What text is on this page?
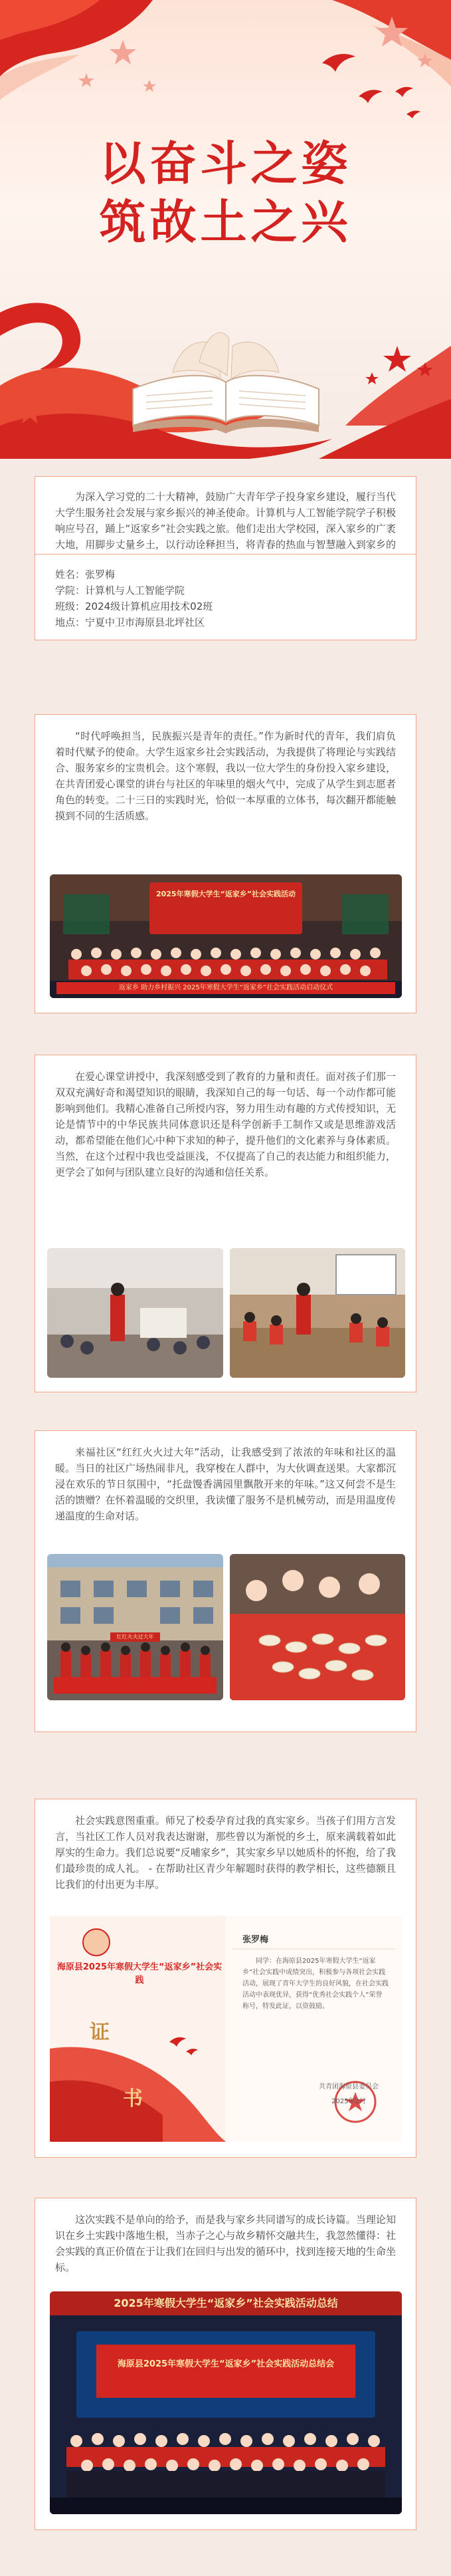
以奋斗之姿
筑故土之兴

为深入学习党的二十大精神，鼓励广大青年学子投身家乡建设，履行当代大学生服务社会发展与家乡振兴的神圣使命。计算机与人工智能学院学子积极响应号召，踊上“返家乡”社会实践之旅。他们走出大学校园，深入家乡的广袤大地，用脚步丈量乡土，以行动诠释担当，将青春的热血与智慧融入到家乡的

姓名：张罗梅

学院：计算机与人工智能学院

班级：2024级计算机应用技术02班

地点：宁夏中卫市海原县北坪社区

“时代呼唤担当，民族振兴是青年的责任。”作为新时代的青年，我们肩负着时代赋予的使命。大学生返家乡社会实践活动，为我提供了将理论与实践结合、服务家乡的宝贵机会。这个寒假，我以一位大学生的身份投入家乡建设，在共青团爱心课堂的讲台与社区的年味里的烟火气中，完成了从学生到志愿者角色的转变。二十三日的实践时光，恰似一本厚重的立体书，每次翻开都能触摸到不同的生活质感。

2025年寒假大学生“返家乡”社会实践活动
返家乡 助力乡村振兴 2025年寒假大学生“返家乡”社会实践活动启动仪式

在爱心课堂讲授中，我深刻感受到了教育的力量和责任。面对孩子们那一双双充满好奇和渴望知识的眼睛，我深知自己的每一句话、每一个动作都可能影响到他们。我精心准备自己所授内容，努力用生动有趣的方式传授知识，无论是情节中的中华民族共同体意识还是科学创新手工制作又或是思维游戏活动，都希望能在他们心中种下求知的种子，提升他们的文化素养与身体素质。当然，在这个过程中我也受益匪浅，不仅提高了自己的表达能力和组织能力，更学会了如何与团队建立良好的沟通和信任关系。

来福社区“红红火火过大年”活动，让我感受到了浓浓的年味和社区的温暖。当日的社区广场热闹非凡，我穿梭在人群中，为大伙调查送果。大家都沉浸在欢乐的节日氛围中，“托盘馒香满园里飘散开来的年味。”这又何尝不是生活的馈赠？在怀着温暖的交织里，我读懂了服务不是机械劳动，而是用温度传递温度的生命对话。

红红火火过大年

社会实践意图重重。师兄了校委孕育过我的真实家乡。当孩子们用方言发言，当社区工作人员对我表达谢谢，那些曾以为渐悦的乡土，原来满载着如此厚实的生命力。我们总说要“反哺家乡”，其实家乡早以她质朴的怀抱，给了我们最珍贵的成人礼。 - 在帮助社区青少年解题时获得的教学相长，这些德额且比我们的付出更为丰厚。

海原县2025年寒假大学生“返家乡”社会实践
证
书
张罗梅
同学：在海原县2025年寒假大学生“返家乡”社会实践中成绩突出，积极参与各项社会实践活动，展现了青年大学生的良好风貌，在社会实践活动中表现优异，获得“优秀社会实践个人”荣誉称号，特发此证，以资鼓励。
共青团海原县委员会
2025年2月

这次实践不是单向的给予，而是我与家乡共同谱写的成长诗篇。当理论知识在乡土实践中落地生根，当赤子之心与故乡精怀交融共生，我忽然懂得：社会实践的真正价值在于让我们在回归与出发的循环中，找到连接天地的生命坐标。

2025年寒假大学生“返家乡”社会实践活动总结
海原县2025年寒假大学生“返家乡”社会实践活动总结会
